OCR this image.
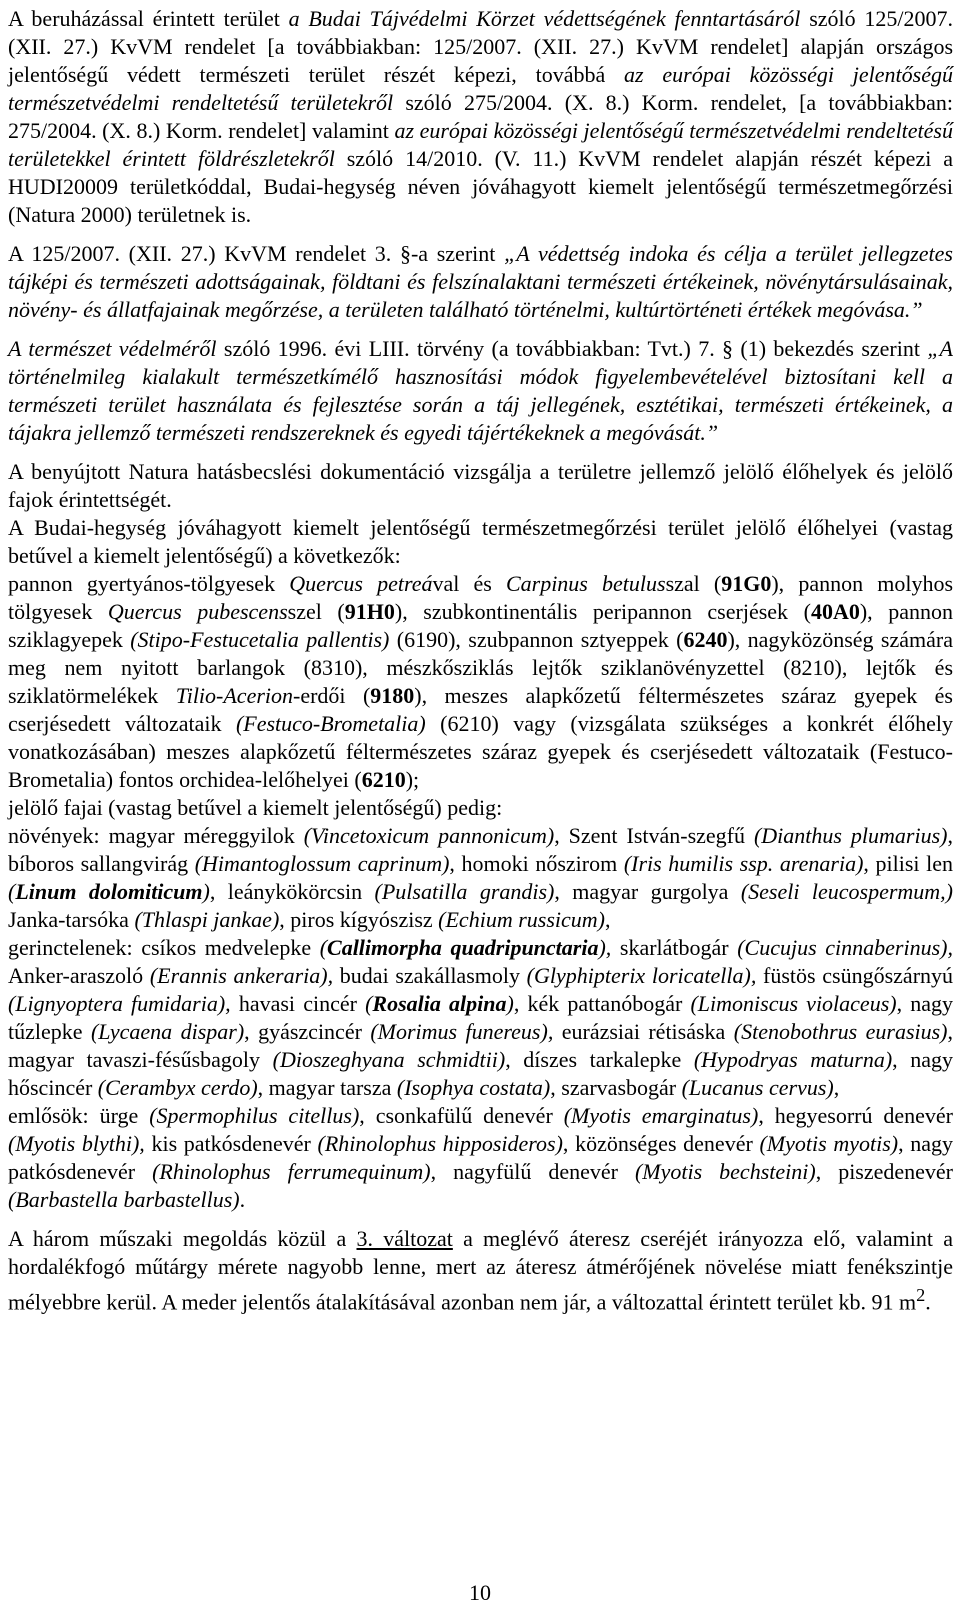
A beruházással érintett terület a Budai Tájvédelmi Körzet védettségének fenntartásáról szóló 125/2007. (XII. 27.) KvVM rendelet [a továbbiakban: 125/2007. (XII. 27.) KvVM rendelet] alapján országos jelentőségű védett természeti terület részét képezi, továbbá az európai közösségi jelentőségű természetvédelmi rendeltetésű területekről szóló 275/2004. (X. 8.) Korm. rendelet, [a továbbiakban: 275/2004. (X. 8.) Korm. rendelet] valamint az európai közösségi jelentőségű természetvédelmi rendeltetésű területekkel érintett földrészletekről szóló 14/2010. (V. 11.) KvVM rendelet alapján részét képezi a HUDI20009 területkóddal, Budai-hegység néven jóváhagyott kiemelt jelentőségű természetmegőrzési (Natura 2000) területnek is.

A 125/2007. (XII. 27.) KvVM rendelet 3. §-a szerint „A védettség indoka és célja a terület jellegzetes tájképi és természeti adottságainak, földtani és felszínalaktani természeti értékeinek, növénytársulásainak, növény- és állatfajainak megőrzése, a területen található történelmi, kultúrtörténeti értékek megóvása.”

A természet védelméről szóló 1996. évi LIII. törvény (a továbbiakban: Tvt.) 7. § (1) bekezdés szerint „A történelmileg kialakult természetkímélő hasznosítási módok figyelembevételével biztosítani kell a természeti terület használata és fejlesztése során a táj jellegének, esztétikai, természeti értékeinek, a tájakra jellemző természeti rendszereknek és egyedi tájértékeknek a megóvását.”

A benyújtott Natura hatásbecslési dokumentáció vizsgálja a területre jellemző jelölő élőhelyek és jelölő fajok érintettségét.

A Budai-hegység jóváhagyott kiemelt jelentőségű természetmegőrzési terület jelölő élőhelyei (vastag betűvel a kiemelt jelentőségű) a következők:

pannon gyertyános-tölgyesek Quercus petreával és Carpinus betulusszal (91G0), pannon molyhos tölgyesek Quercus pubescensszel (91H0), szubkontinentális peripannon cserjések (40A0), pannon sziklagyepek (Stipo-Festucetalia pallentis) (6190), szubpannon sztyeppek (6240), nagyközönség számára meg nem nyitott barlangok (8310), mészkősziklás lejtők sziklanövényzettel (8210), lejtők és sziklatörmelékek Tilio-Acerion-erdői (9180), meszes alapkőzetű féltermészetes száraz gyepek és cserjésedett változataik (Festuco-Brometalia) (6210) vagy (vizsgálata szükséges a konkrét élőhely vonatkozásában) meszes alapkőzetű féltermészetes száraz gyepek és cserjésedett változataik (Festuco-Brometalia) fontos orchidea-lelőhelyei (6210);

jelölő fajai (vastag betűvel a kiemelt jelentőségű) pedig:

növények: magyar méreggyilok (Vincetoxicum pannonicum), Szent István-szegfű (Dianthus plumarius), bíboros sallangvirág (Himantoglossum caprinum), homoki nőszirom (Iris humilis ssp. arenaria), pilisi len (Linum dolomiticum), leánykökörcsin (Pulsatilla grandis), magyar gurgolya (Seseli leucospermum,) Janka-tarsóka (Thlaspi jankae), piros kígyószisz (Echium russicum),

gerinctelenek: csíkos medvelepke (Callimorpha quadripunctaria), skarlátbogár (Cucujus cinnaberinus), Anker-araszoló (Erannis ankeraria), budai szakállasmoly (Glyphipterix loricatella), füstös csüngőszárnyú (Lignyoptera fumidaria), havasi cincér (Rosalia alpina), kék pattanóbogár (Limoniscus violaceus), nagy tűzlepke (Lycaena dispar), gyászcincér (Morimus funereus), eurázsiai rétisáska (Stenobothrus eurasius), magyar tavaszi-fésűsbagoly (Dioszeghyana schmidtii), díszes tarkalepke (Hypodryas maturna), nagy hőscincér (Cerambyx cerdo), magyar tarsza (Isophya costata), szarvasbogár (Lucanus cervus),

emlősök: ürge (Spermophilus citellus), csonkafülű denevér (Myotis emarginatus), hegyesorrú denevér (Myotis blythi), kis patkósdenevér (Rhinolophus hipposideros), közönséges denevér (Myotis myotis), nagy patkósdenevér (Rhinolophus ferrumequinum), nagyfülű denevér (Myotis bechsteini), piszedenevér (Barbastella barbastellus).

A három műszaki megoldás közül a 3. változat a meglévő áteresz cseréjét irányozza elő, valamint a hordalékfogó műtárgy mérete nagyobb lenne, mert az áteresz átmérőjének növelése miatt fenékszintje mélyebbre kerül. A meder jelentős átalakításával azonban nem jár, a változattal érintett terület kb. 91 $m^2$.

10
